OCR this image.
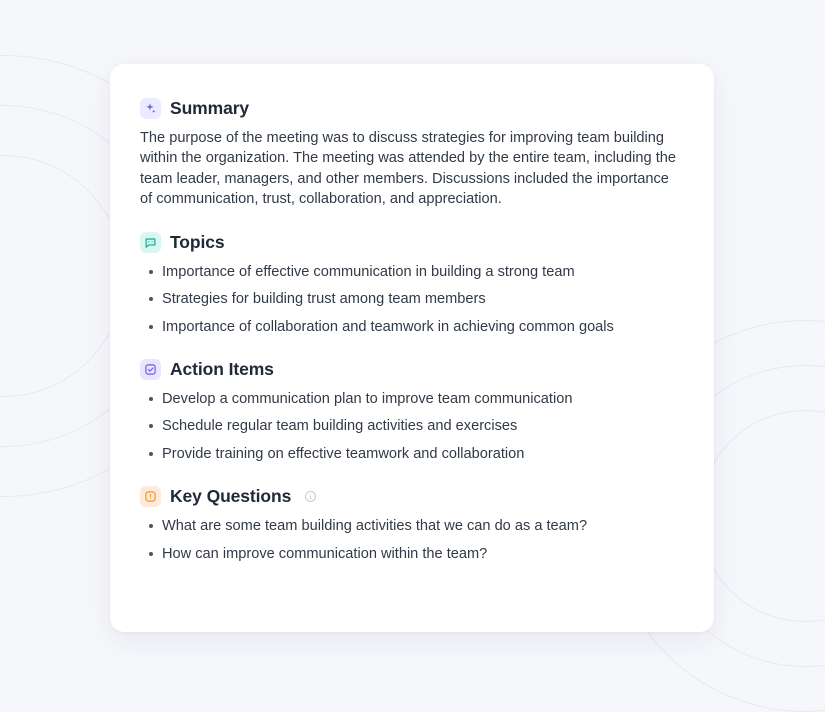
Summary

The purpose of the meeting was to discuss strategies for improving team building within the organization. The meeting was attended by the entire team, including the team leader, managers, and other members. Discussions included the importance of communication, trust, collaboration, and appreciation.

Topics
Importance of effective communication in building a strong team
Strategies for building trust among team members
Importance of collaboration and teamwork in achieving common goals
Action Items
Develop a communication plan to improve team communication
Schedule regular team building activities and exercises
Provide training on effective teamwork and collaboration
Key Questions
What are some team building activities that we can do as a team?
How can improve communication within the team?
